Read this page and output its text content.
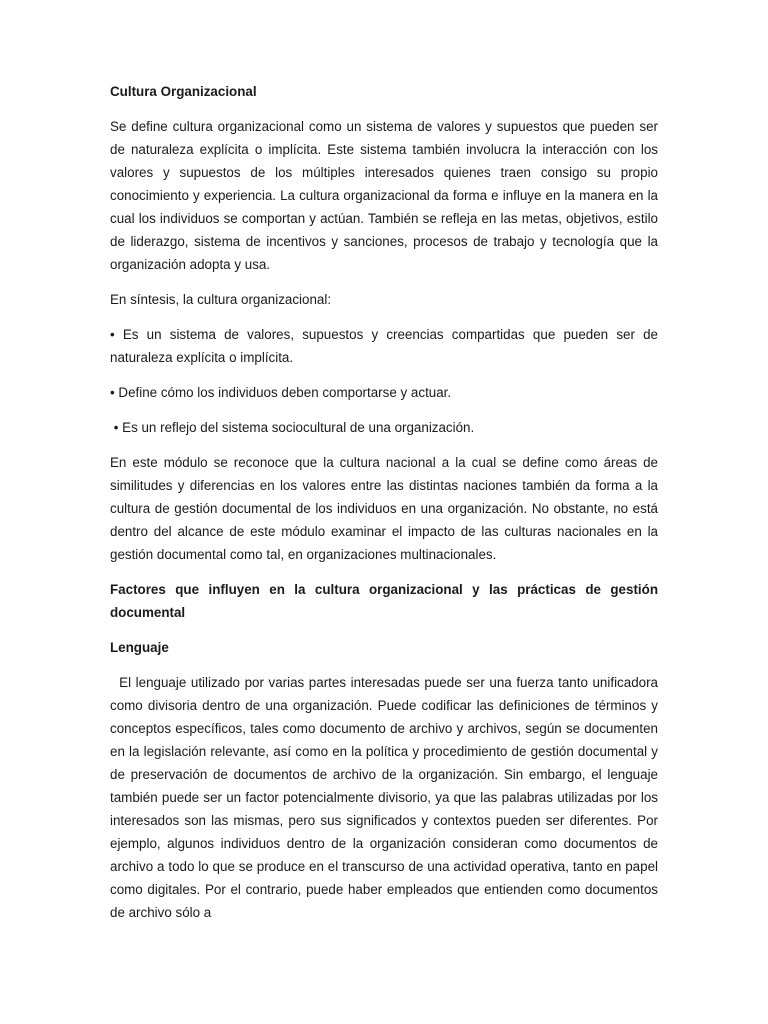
Cultura Organizacional
Se define cultura organizacional como un sistema de valores y supuestos que pueden ser de naturaleza explícita o implícita. Este sistema también involucra la interacción con los valores y supuestos de los múltiples interesados quienes traen consigo su propio conocimiento y experiencia. La cultura organizacional da forma e influye en la manera en la cual los individuos se comportan y actúan. También se refleja en las metas, objetivos, estilo de liderazgo, sistema de incentivos y sanciones, procesos de trabajo y tecnología que la organización adopta y usa.
En síntesis, la cultura organizacional:
• Es un sistema de valores, supuestos y creencias compartidas que pueden ser de naturaleza explícita o implícita.
• Define cómo los individuos deben comportarse y actuar.
• Es un reflejo del sistema sociocultural de una organización.
En este módulo se reconoce que la cultura nacional a la cual se define como áreas de similitudes y diferencias en los valores entre las distintas naciones también da forma a la cultura de gestión documental de los individuos en una organización. No obstante, no está dentro del alcance de este módulo examinar el impacto de las culturas nacionales en la gestión documental como tal, en organizaciones multinacionales.
Factores que influyen en la cultura organizacional y las prácticas de gestión documental
Lenguaje
El lenguaje utilizado por varias partes interesadas puede ser una fuerza tanto unificadora como divisoria dentro de una organización. Puede codificar las definiciones de términos y conceptos específicos, tales como documento de archivo y archivos, según se documenten en la legislación relevante, así como en la política y procedimiento de gestión documental y de preservación de documentos de archivo de la organización. Sin embargo, el lenguaje también puede ser un factor potencialmente divisorio, ya que las palabras utilizadas por los interesados son las mismas, pero sus significados y contextos pueden ser diferentes. Por ejemplo, algunos individuos dentro de la organización consideran como documentos de archivo a todo lo que se produce en el transcurso de una actividad operativa, tanto en papel como digitales. Por el contrario, puede haber empleados que entienden como documentos de archivo sólo a
